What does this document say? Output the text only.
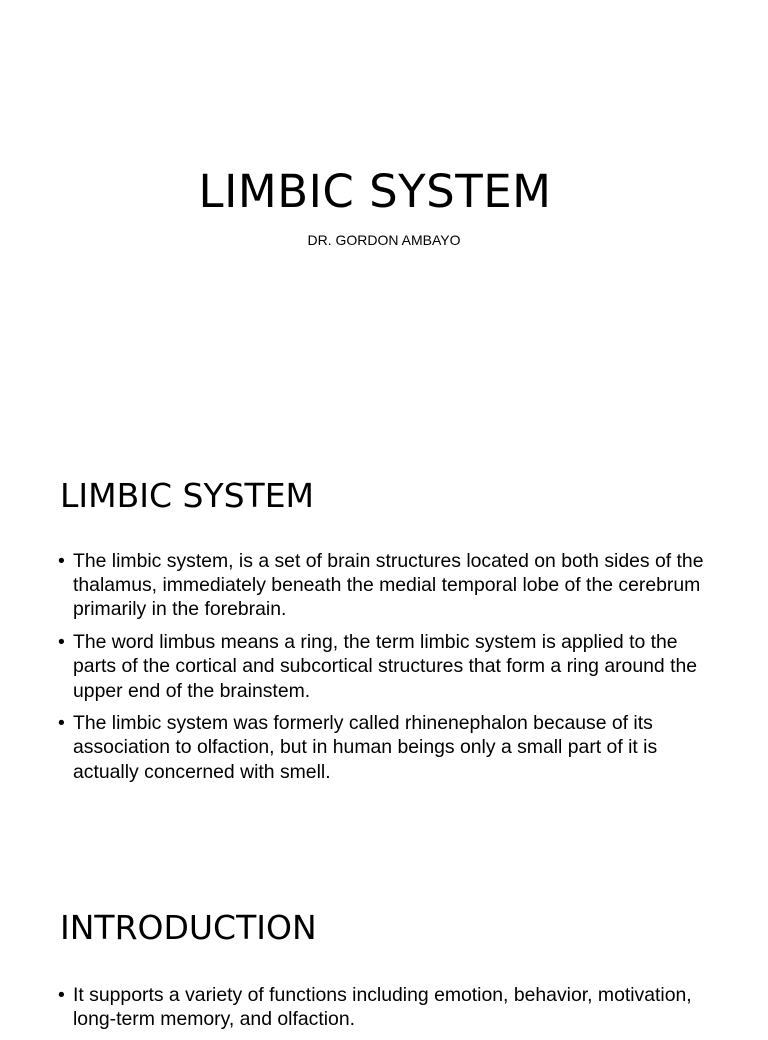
LIMBIC SYSTEM
DR. GORDON AMBAYO
LIMBIC SYSTEM
• The limbic system, is a set of brain structures located on both sides of the thalamus, immediately beneath the medial temporal lobe of the cerebrum primarily in the forebrain.
• The word limbus means a ring, the term limbic system is applied to the parts of the cortical and subcortical structures that form a ring around the upper end of the brainstem.
• The limbic system was formerly called rhinenephalon because of its association to olfaction, but in human beings only a small part of it is actually concerned with smell.
INTRODUCTION
• It supports a variety of functions including emotion, behavior, motivation, long-term memory, and olfaction.
